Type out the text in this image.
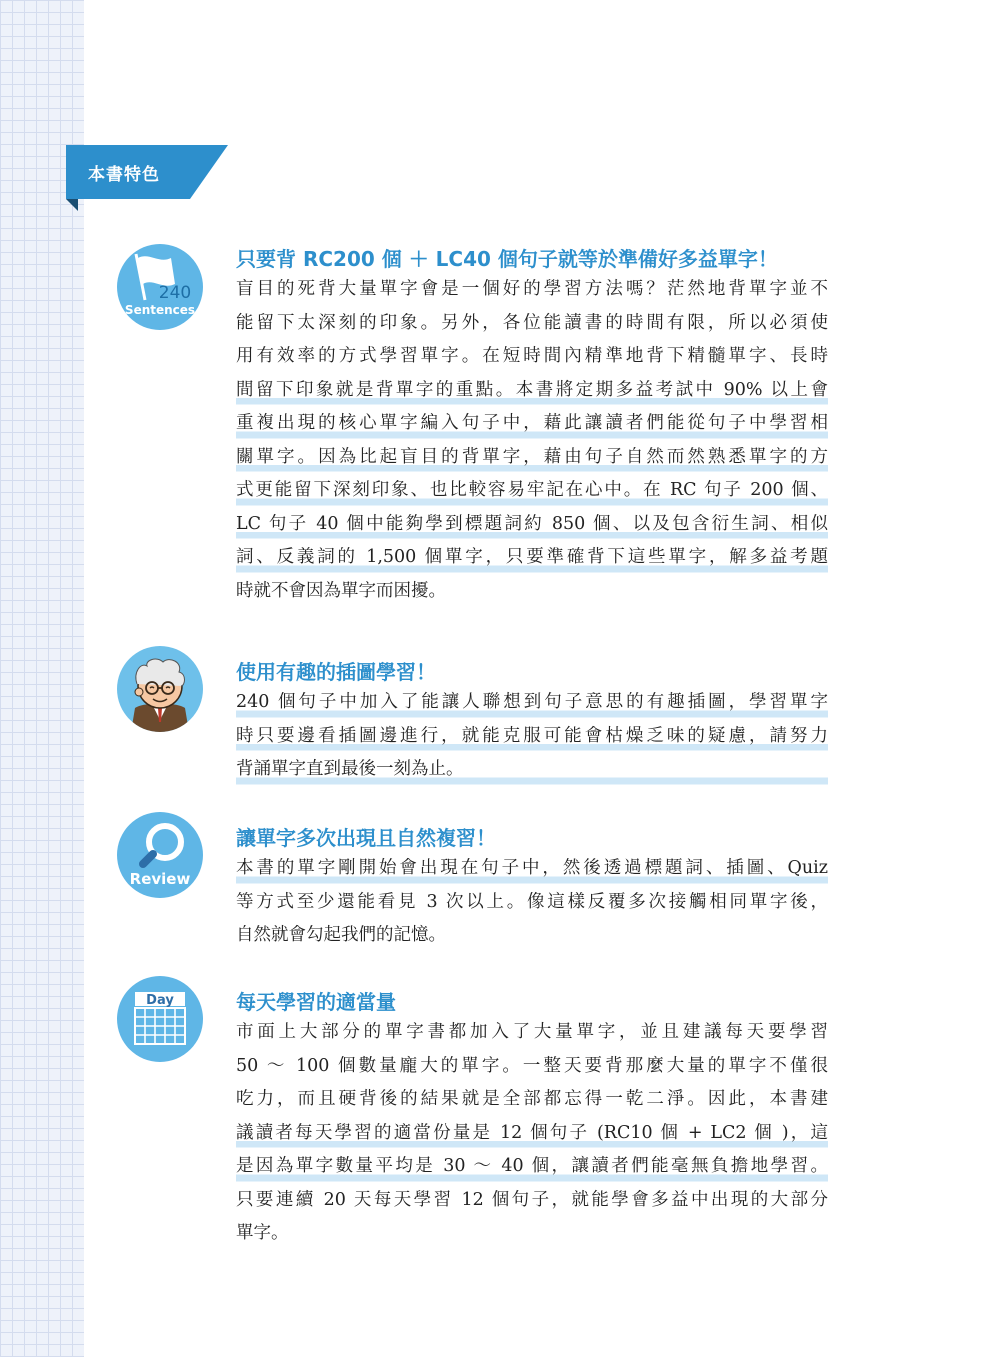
本書特色
240
Sentences
只要背 RC200 個 ＋ LC40 個句子就等於準備好多益單字！

盲目的死背大量單字會是一個好的學習方法嗎？茫然地背單字並不
能留下太深刻的印象。另外，各位能讀書的時間有限，所以必須使
用有效率的方式學習單字。在短時間內精準地背下精髓單字、長時
間留下印象就是背單字的重點。本書將定期多益考試中 90% 以上會
重複出現的核心單字編入句子中，藉此讓讀者們能從句子中學習相
關單字。因為比起盲目的背單字，藉由句子自然而然熟悉單字的方
式更能留下深刻印象、也比較容易牢記在心中。在 RC 句子 200 個、
LC 句子 40 個中能夠學到標題詞約 850 個、以及包含衍生詞、相似
詞、反義詞的 1,500 個單字，只要準確背下這些單字，解多益考題
時就不會因為單字而困擾。

使用有趣的插圖學習！

240 個句子中加入了能讓人聯想到句子意思的有趣插圖，學習單字
時只要邊看插圖邊進行，就能克服可能會枯燥乏味的疑慮，請努力
背誦單字直到最後一刻為止。

Review
讓單字多次出現且自然複習！

本書的單字剛開始會出現在句子中，然後透過標題詞、插圖、Quiz
等方式至少還能看見 3 次以上。像這樣反覆多次接觸相同單字後，
自然就會勾起我們的記憶。

Day	每天學習的適當量

市面上大部分的單字書都加入了大量單字，並且建議每天要學習
50 ～ 100 個數量龐大的單字。一整天要背那麼大量的單字不僅很
吃力，而且硬背後的結果就是全部都忘得一乾二淨。因此，本書建
議讀者每天學習的適當份量是 12 個句子 (RC10 個 + LC2 個 )，這
是因為單字數量平均是 30 ～ 40 個，讓讀者們能毫無負擔地學習。
只要連續 20 天每天學習 12 個句子，就能學會多益中出現的大部分
單字。
